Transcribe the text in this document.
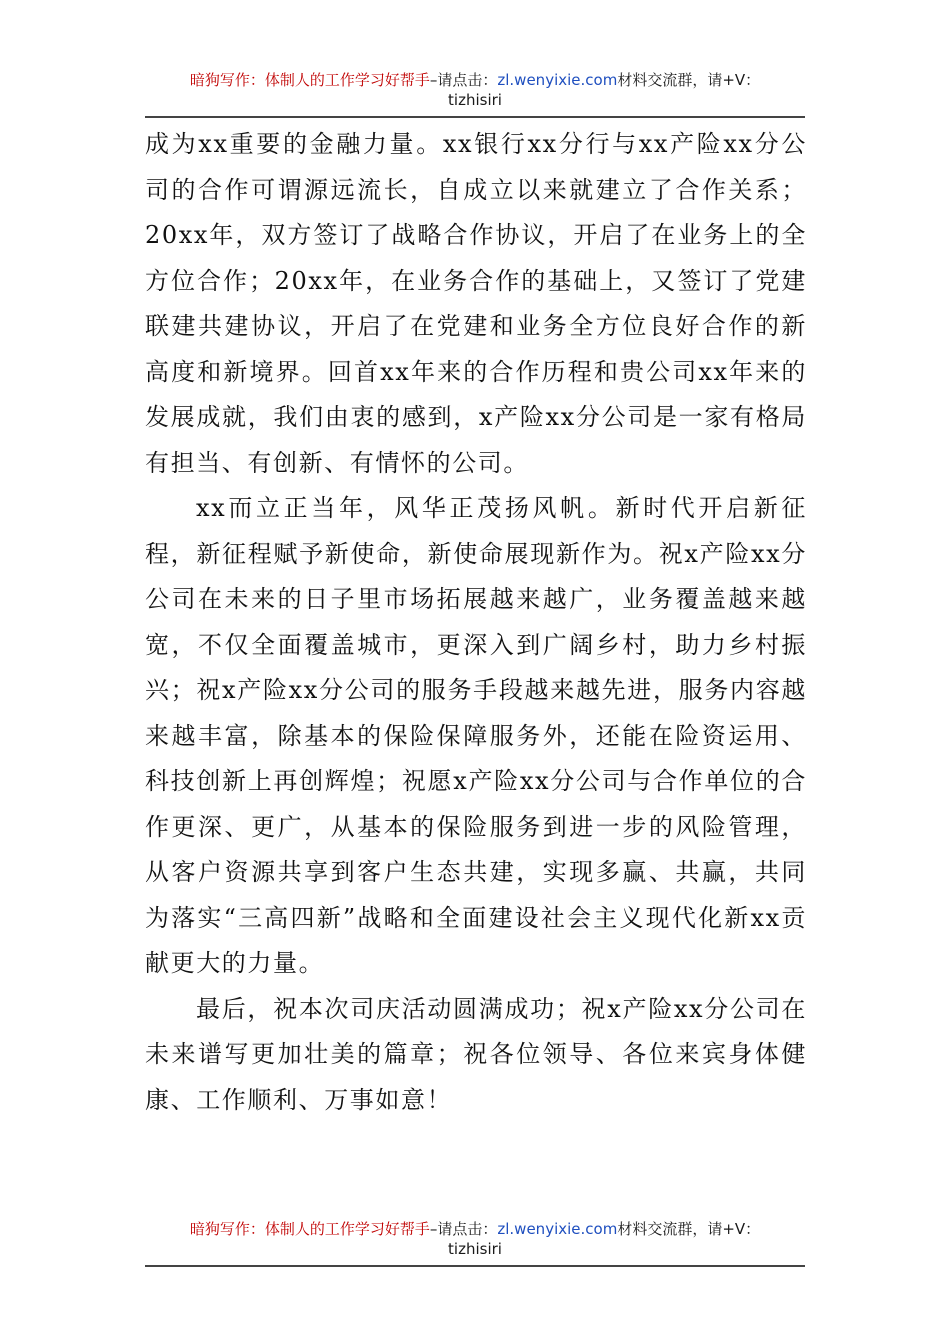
暗狗写作：体制人的工作学习好帮手–请点击：zl.wenyixie.com材料交流群，请+V：
tizhisiri

成为xx重要的金融力量。xx银行xx分行与xx产险xx分公司的合作可谓源远流长，自成立以来就建立了合作关系；20xx年，双方签订了战略合作协议，开启了在业务上的全方位合作；20xx年，在业务合作的基础上，又签订了党建联建共建协议，开启了在党建和业务全方位良好合作的新高度和新境界。回首xx年来的合作历程和贵公司xx年来的发展成就，我们由衷的感到，x产险xx分公司是一家有格局有担当、有创新、有情怀的公司。

xx而立正当年，风华正茂扬风帆。新时代开启新征程，新征程赋予新使命，新使命展现新作为。祝x产险xx分公司在未来的日子里市场拓展越来越广，业务覆盖越来越宽，不仅全面覆盖城市，更深入到广阔乡村，助力乡村振兴；祝x产险xx分公司的服务手段越来越先进，服务内容越来越丰富，除基本的保险保障服务外，还能在险资运用、科技创新上再创辉煌；祝愿x产险xx分公司与合作单位的合作更深、更广，从基本的保险服务到进一步的风险管理，从客户资源共享到客户生态共建，实现多赢、共赢，共同为落实“三高四新”战略和全面建设社会主义现代化新xx贡献更大的力量。

最后，祝本次司庆活动圆满成功；祝x产险xx分公司在未来谱写更加壮美的篇章；祝各位领导、各位来宾身体健康、工作顺利、万事如意！

暗狗写作：体制人的工作学习好帮手–请点击：zl.wenyixie.com材料交流群，请+V：
tizhisiri
